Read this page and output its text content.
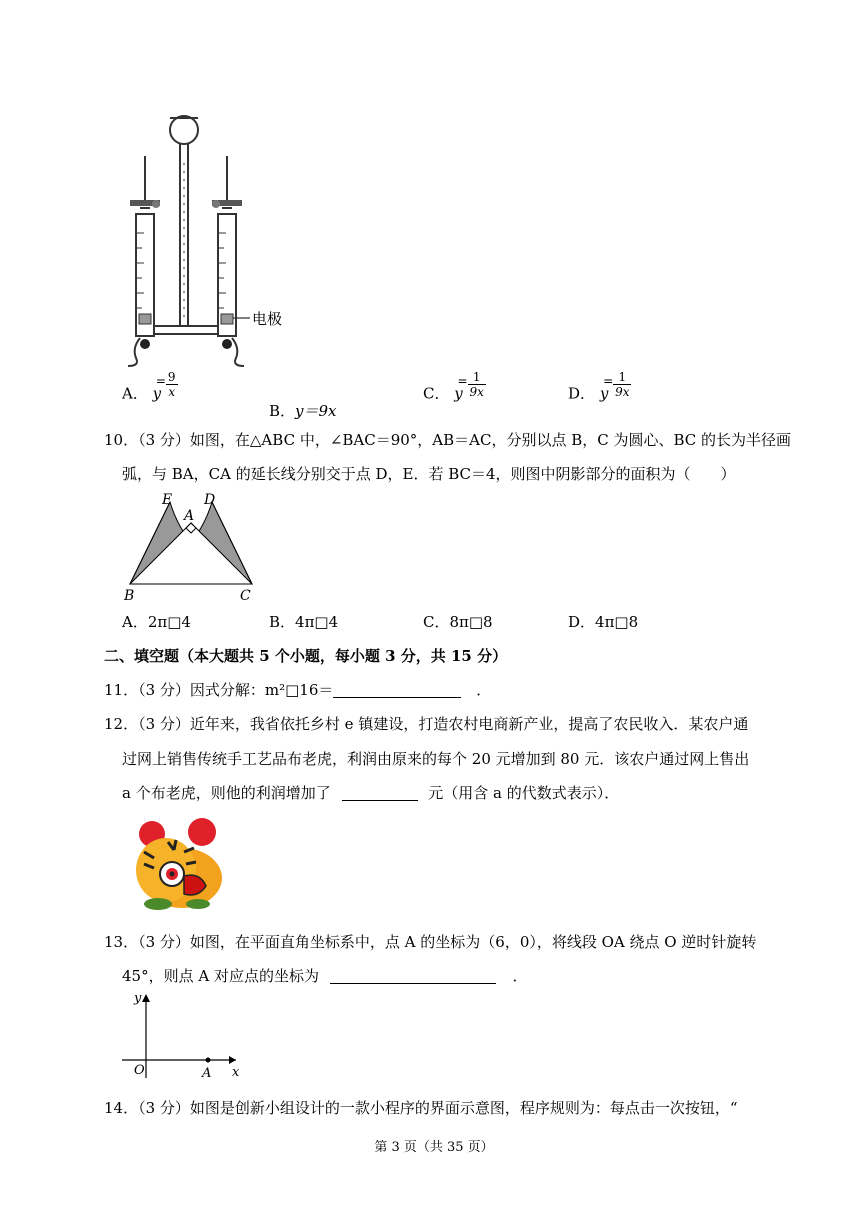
电极
A． y
= 9
x
B．y＝9x
C． y
= 1
9x	D． y
= 1
9x
10．（3 分）如图，在△ABC 中，∠BAC＝90°，AB＝AC，分别以点 B，C 为圆心、BC 的长为半径画
弧，与 BA，CA 的延长线分别交于点 D，E．若 BC＝4，则图中阴影部分的面积为（　　）
E D
A
B	C
A．2π□4	B．4π□4	C．8π□8	D．4π□8
二、填空题（本大题共 5 个小题，每小题 3 分，共 15 分）
11．（3 分）因式分解：m²□16＝	．
12．（3 分）近年来，我省依托乡村 e 镇建设，打造农村电商新产业，提高了农民收入．某农户通
过网上销售传统手工艺品布老虎，利润由原来的每个 20 元增加到 80 元．该农户通过网上售出
a 个布老虎，则他的利润增加了	元（用含 a 的代数式表示）．
13．（3 分）如图，在平面直角坐标系中，点 A 的坐标为（6，0），将线段 OA 绕点 O 逆时针旋转
45°，则点 A 对应点的坐标为	．
y
x
O	A
14．（3 分）如图是创新小组设计的一款小程序的界面示意图，程序规则为：每点击一次按钮，“
第 3 页（共 35 页）
